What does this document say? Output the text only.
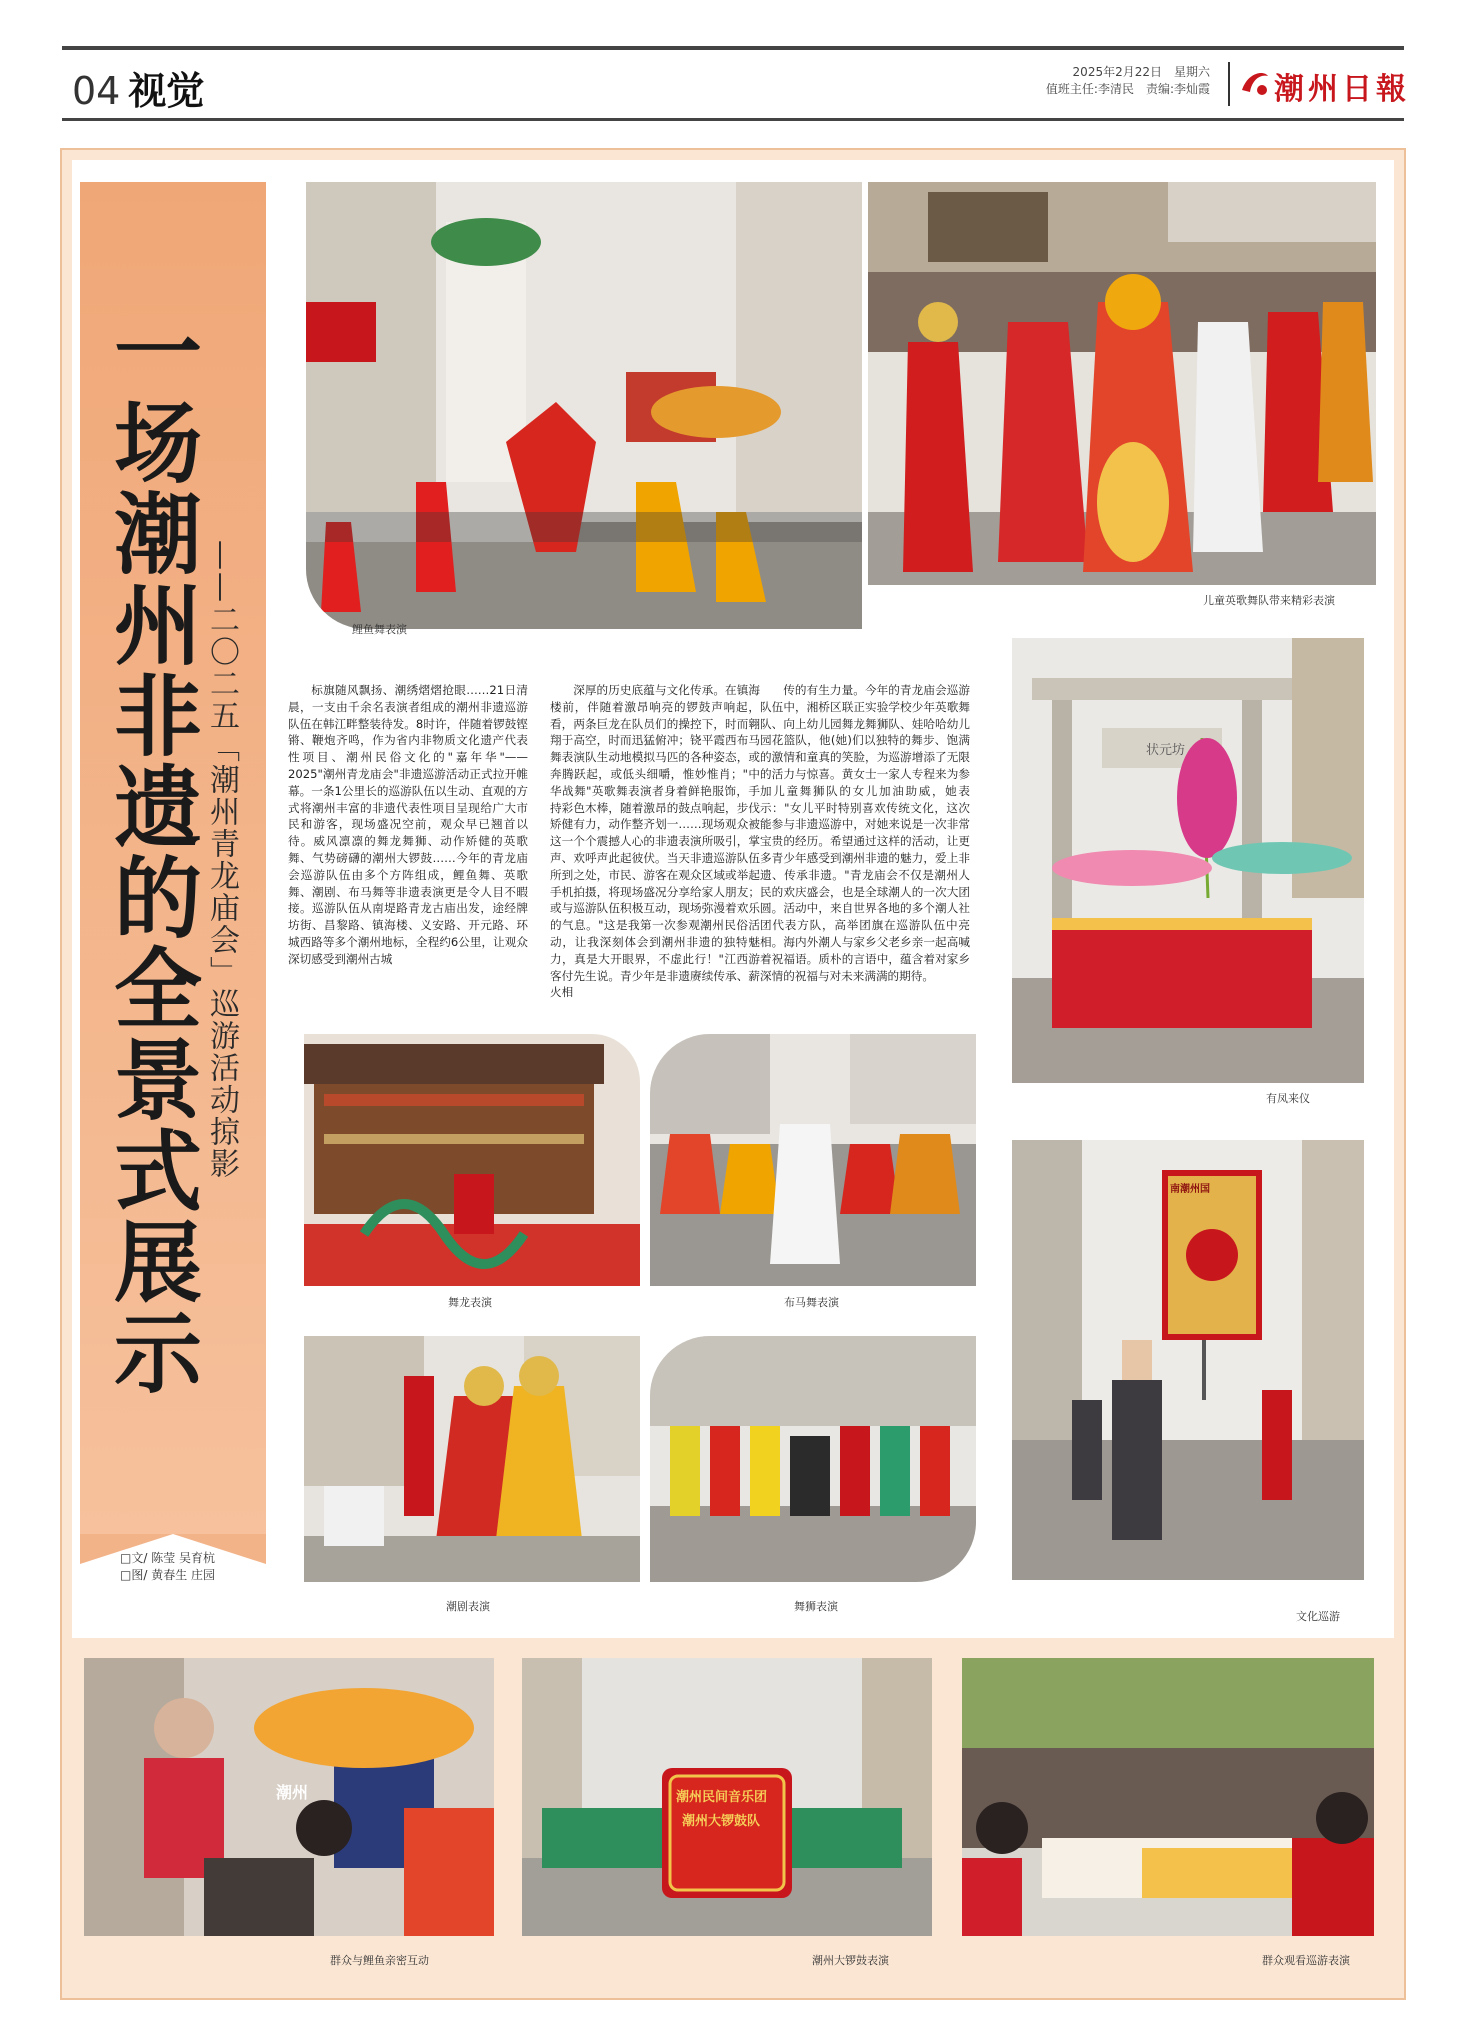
04 视觉	2025年2月22日　星期六
值班主任:李清民　责编:李灿霞 潮州日報
一场潮州非遗的全景式展示 ——二〇二五「潮州青龙庙会」巡游活动掠影
□文/ 陈莹 吴育杭
□图/ 黄春生 庄园
鲤鱼舞表演
儿童英歌舞队带来精彩表演
有凤来仪
状元坊
舞龙表演	布马舞表演
文化巡游
南潮州国
潮剧表演	舞狮表演

标旗随风飘扬、潮绣熠熠抢眼……21日清晨，一支由千余名表演者组成的潮州非遗巡游队伍在韩江畔整装待发。8时许，伴随着锣鼓铿锵、鞭炮齐鸣，作为省内非物质文化遗产代表性项目、潮州民俗文化的"嘉年华"——2025"潮州青龙庙会"非遗巡游活动正式拉开帷幕。一条1公里长的巡游队伍以生动、直观的方式将潮州丰富的非遗代表性项目呈现给广大市民和游客，现场盛况空前，观众早已翘首以待。威风凛凛的舞龙舞狮、动作矫健的英歌舞、气势磅礴的潮州大锣鼓……今年的青龙庙会巡游队伍由多个方阵组成，鲤鱼舞、英歌舞、潮剧、布马舞等非遗表演更是令人目不暇接。巡游队伍从南堤路青龙古庙出发，途经牌坊街、昌黎路、镇海楼、义安路、开元路、环城西路等多个潮州地标，全程约6公里，让观众深切感受到潮州古城

深厚的历史底蕴与文化传承。在镇海楼前，伴随着激昂响亮的锣鼓声响起，看，两条巨龙在队员们的操控下，时而翱翔于高空，时而迅猛俯冲；铙平霞西布马舞表演队生动地模拟马匹的各种姿态，或奔腾跃起，或低头细嚼，惟妙惟肖；"中华战舞"英歌舞表演者身着鲜艳服饰，手持彩色木棒，随着激昂的鼓点响起，步伐矫健有力，动作整齐划一……现场观众被这一个个震撼人心的非遗表演所吸引，掌声、欢呼声此起彼伏。当天非遗巡游队伍所到之处，市民、游客在观众区域或举起手机拍摄，将现场盛况分享给家人朋友；或与巡游队伍积极互动，现场弥漫着欢乐的气息。"这是我第一次参观潮州民俗活动，让我深刻体会到潮州非遗的独特魅力，真是大开眼界，不虚此行！"江西游客付先生说。青少年是非遗赓续传承、薪火相

传的有生力量。今年的青龙庙会巡游队伍中，湘桥区联正实验学校少年英歌舞队、向上幼儿园舞龙舞狮队、娃哈哈幼儿园花篮队，他(她)们以独特的舞步、饱满的激情和童真的笑脸，为巡游增添了无限的活力与惊喜。黄女士一家人专程来为参加儿童舞狮队的女儿加油助威，她表示："女儿平时特别喜欢传统文化，这次能参与非遗巡游中，对她来说是一次非常宝贵的经历。希望通过这样的活动，让更多青少年感受到潮州非遗的魅力，爱上非遗、传承非遗。"青龙庙会不仅是潮州人民的欢庆盛会，也是全球潮人的一次大团圆。活动中，来自世界各地的多个潮人社团代表方队，高举团旗在巡游队伍中亮相。海内外潮人与家乡父老乡亲一起高喊着祝福语。质朴的言语中，蕴含着对家乡深情的祝福与对未来满满的期待。

潮州
群众与鲤鱼亲密互动
潮州民间音乐团
潮州大锣鼓队
潮州大锣鼓表演	群众观看巡游表演
